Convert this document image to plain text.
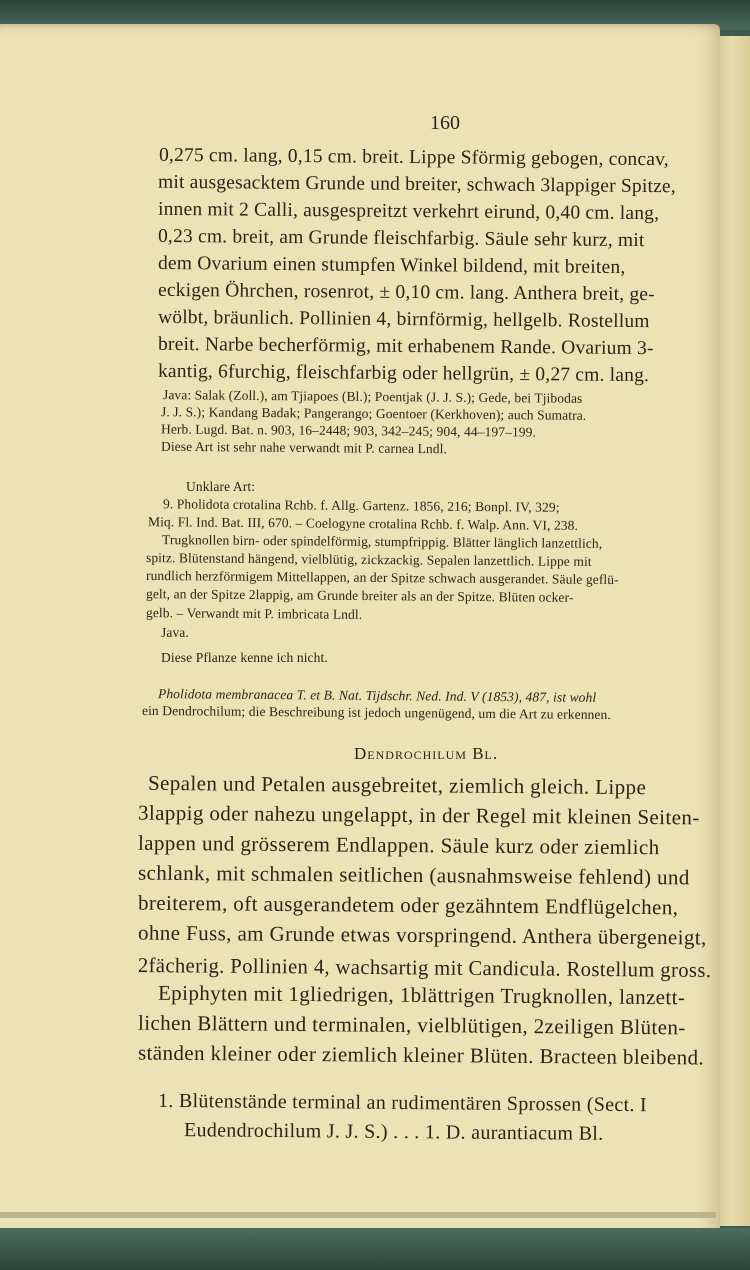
160
0,275 cm. lang, 0,15 cm. breit. Lippe Sförmig gebogen, concav,
mit ausgesacktem Grunde und breiter, schwach 3lappiger Spitze,
innen mit 2 Calli, ausgespreitzt verkehrt eirund, 0,40 cm. lang,
0,23 cm. breit, am Grunde fleischfarbig. Säule sehr kurz, mit
dem Ovarium einen stumpfen Winkel bildend, mit breiten,
eckigen Öhrchen, rosenrot, ± 0,10 cm. lang. Anthera breit, ge-
wölbt, bräunlich. Pollinien 4, birnförmig, hellgelb. Rostellum
breit. Narbe becherförmig, mit erhabenem Rande. Ovarium 3-
kantig, 6furchig, fleischfarbig oder hellgrün, ± 0,27 cm. lang.
Java: Salak (Zoll.), am Tjiapoes (Bl.); Poentjak (J. J. S.); Gede, bei Tjibodas
J. J. S.); Kandang Badak; Pangerango; Goentoer (Kerkhoven); auch Sumatra.
Herb. Lugd. Bat. n. 903, 16–2448; 903, 342–245; 904, 44–197–199.
Diese Art ist sehr nahe verwandt mit P. carnea Lndl.
Unklare Art:
9. Pholidota crotalina Rchb. f. Allg. Gartenz. 1856, 216; Bonpl. IV, 329;
Miq. Fl. Ind. Bat. III, 670. – Coelogyne crotalina Rchb. f. Walp. Ann. VI, 238.
Trugknollen birn- oder spindelförmig, stumpfrippig. Blätter länglich lanzettlich,
spitz. Blütenstand hängend, vielblütig, zickzackig. Sepalen lanzettlich. Lippe mit
rundlich herzförmigem Mittellappen, an der Spitze schwach ausgerandet. Säule geflü-
gelt, an der Spitze 2lappig, am Grunde breiter als an der Spitze. Blüten ocker-
gelb. – Verwandt mit P. imbricata Lndl.
Java.
Diese Pflanze kenne ich nicht.
Pholidota membranacea T. et B. Nat. Tijdschr. Ned. Ind. V (1853), 487, ist wohl
ein Dendrochilum; die Beschreibung ist jedoch ungenügend, um die Art zu erkennen.
Dendrochilum Bl.
Sepalen und Petalen ausgebreitet, ziemlich gleich. Lippe
3lappig oder nahezu ungelappt, in der Regel mit kleinen Seiten-
lappen und grösserem Endlappen. Säule kurz oder ziemlich
schlank, mit schmalen seitlichen (ausnahmsweise fehlend) und
breiterem, oft ausgerandetem oder gezähntem Endflügelchen,
ohne Fuss, am Grunde etwas vorspringend. Anthera übergeneigt,
2fächerig. Pollinien 4, wachsartig mit Candicula. Rostellum gross.
Epiphyten mit 1gliedrigen, 1blättrigen Trugknollen, lanzett-
lichen Blättern und terminalen, vielblütigen, 2zeiligen Blüten-
ständen kleiner oder ziemlich kleiner Blüten. Bracteen bleibend.
1. Blütenstände terminal an rudimentären Sprossen (Sect. I
Eudendrochilum J. J. S.) . . . 1. D. aurantiacum Bl.
